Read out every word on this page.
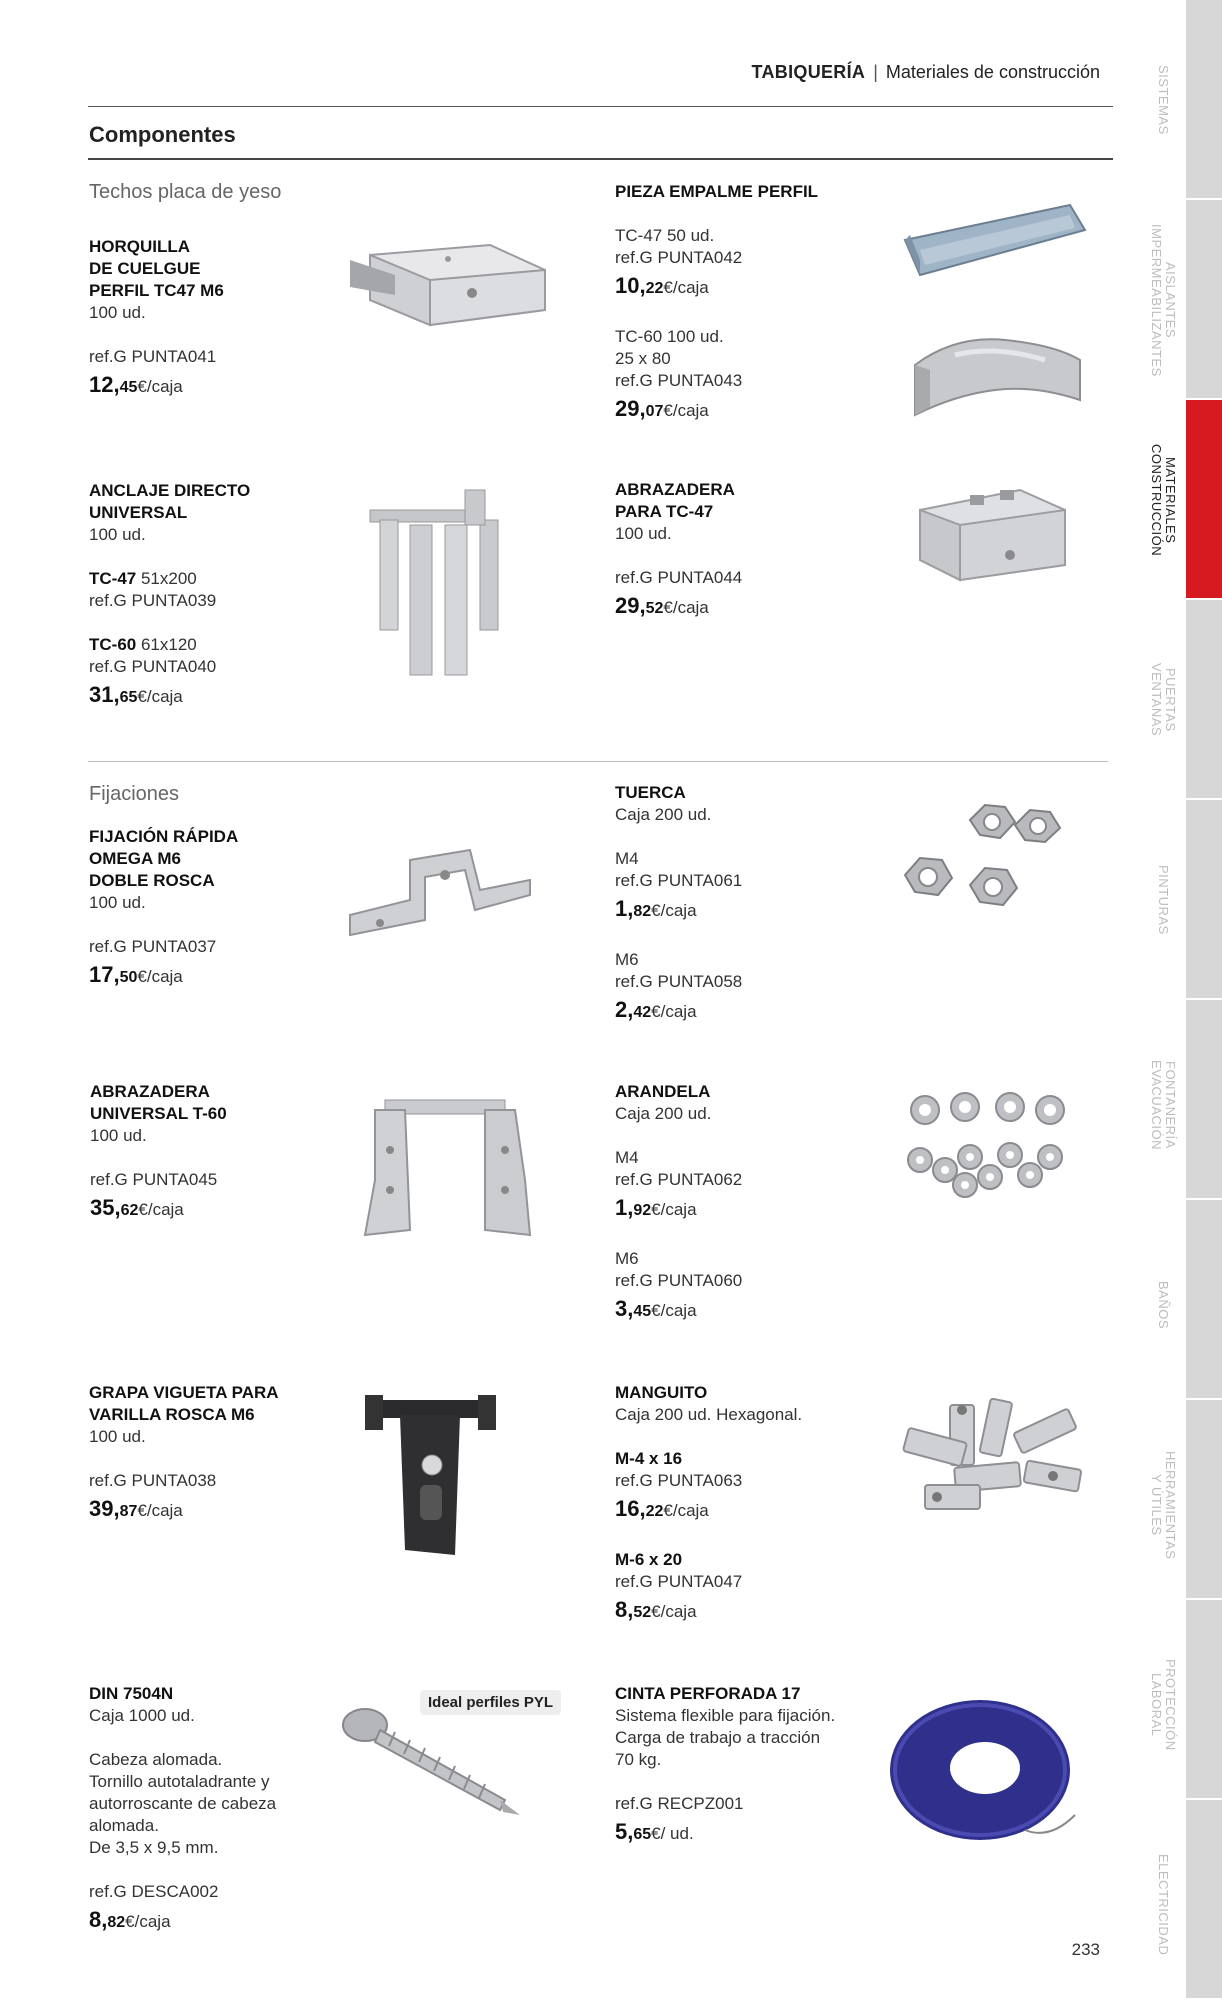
TABIQUERÍA | Materiales de construcción
Componentes
Techos placa de yeso
Fijaciones
HORQUILLA
DE CUELGUE
PERFIL TC47 M6
100 ud.
ref.G PUNTA041
12,45€/caja
ANCLAJE DIRECTO
UNIVERSAL
100 ud.
TC-47 51x200
ref.G PUNTA039
TC-60 61x120
ref.G PUNTA040
31,65€/caja
PIEZA EMPALME PERFIL
TC-47 50 ud.
ref.G PUNTA042
10,22€/caja
TC-60 100 ud.
25 x 80
ref.G PUNTA043
29,07€/caja
ABRAZADERA
PARA TC-47
100 ud.
ref.G PUNTA044
29,52€/caja
FIJACIÓN RÁPIDA
OMEGA M6
DOBLE ROSCA
100 ud.
ref.G PUNTA037
17,50€/caja
TUERCA
Caja 200 ud.
M4
ref.G PUNTA061
1,82€/caja
M6
ref.G PUNTA058
2,42€/caja
ABRAZADERA
UNIVERSAL T-60
100 ud.
ref.G PUNTA045
35,62€/caja
ARANDELA
Caja 200 ud.
M4
ref.G PUNTA062
1,92€/caja
M6
ref.G PUNTA060
3,45€/caja
GRAPA VIGUETA PARA
VARILLA ROSCA M6
100 ud.
ref.G PUNTA038
39,87€/caja
MANGUITO
Caja 200 ud. Hexagonal.
M-4 x 16
ref.G PUNTA063
16,22€/caja
M-6 x 20
ref.G PUNTA047
8,52€/caja
DIN 7504N
Caja 1000 ud.
Cabeza alomada.
Tornillo autotaladrante y
autorroscante de cabeza
alomada.
De 3,5 x 9,5 mm.
ref.G DESCA002
8,82€/caja
Ideal perfiles PYL	CINTA PERFORADA 17
Sistema flexible para fijación.
Carga de trabajo a tracción
70 kg.
ref.G RECPZ001
5,65€/ ud.
SISTEMAS
AISLANTES
IMPERMEABILIZANTES
MATERIALES
CONSTRUCCIÓN
PUERTAS
VENTANAS
PINTURAS
FONTANERÍA
EVACUACIÓN
BAÑOS
HERRAMIENTAS
Y ÚTILES
PROTECCIÓN
LABORAL
ELECTRICIDAD
233
